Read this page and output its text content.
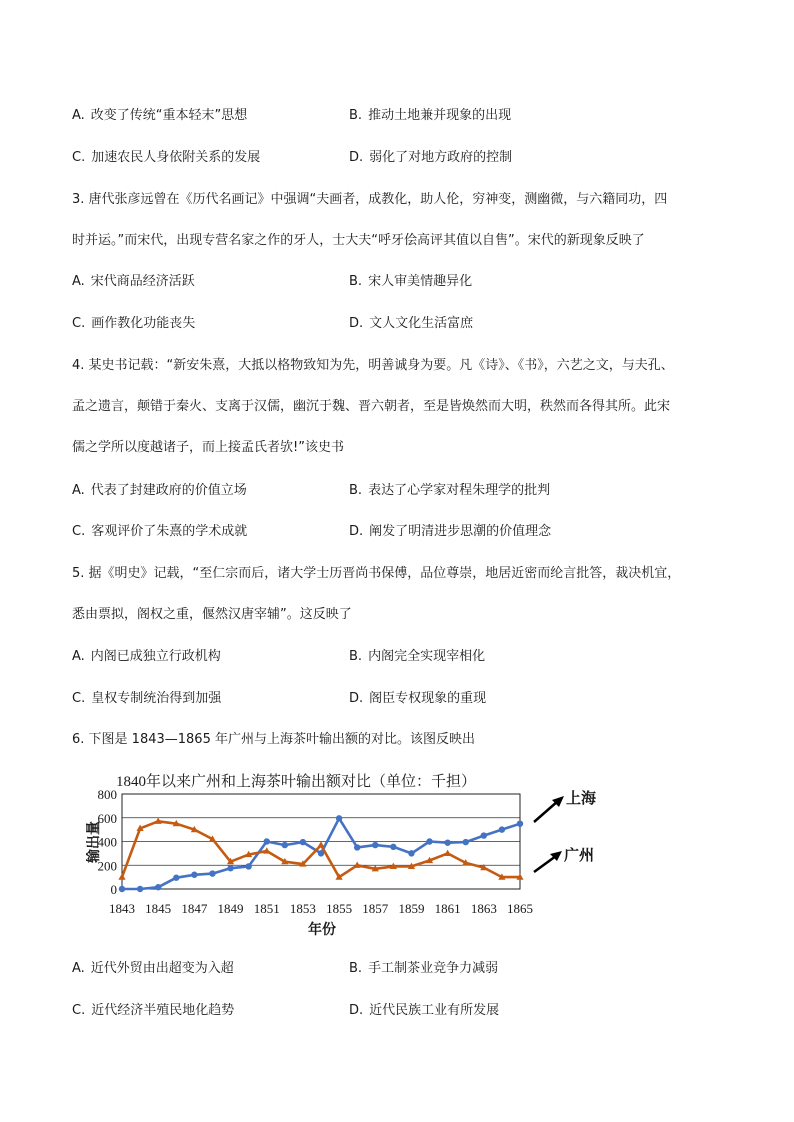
A. 改变了传统“重本轻末”思想	B. 推动土地兼并现象的出现
C. 加速农民人身依附关系的发展	D. 弱化了对地方政府的控制
3. 唐代张彦远曾在《历代名画记》中强调“夫画者，成教化，助人伦，穷神变，测幽微，与六籍同功，四
时并运。”而宋代，出现专营名家之作的牙人，士大夫“呼牙侩高评其值以自售”。宋代的新现象反映了
A. 宋代商品经济活跃	B. 宋人审美情趣异化
C. 画作教化功能丧失	D. 文人文化生活富庶
4. 某史书记载：“新安朱熹，大抵以格物致知为先，明善诚身为要。凡《诗》、《书》，六艺之文，与夫孔、
孟之遗言，颠错于秦火、支离于汉儒，幽沉于魏、晋六朝者，至是皆焕然而大明，秩然而各得其所。此宋
儒之学所以度越诸子，而上接孟氏者欤!”该史书
A. 代表了封建政府的价值立场	B. 表达了心学家对程朱理学的批判
C. 客观评价了朱熹的学术成就	D. 阐发了明清进步思潮的价值理念
5. 据《明史》记载，“至仁宗而后，诸大学士历晋尚书保傅，品位尊崇，地居近密而纶言批答，裁决机宜，
悉由票拟，阁权之重，偃然汉唐宰辅”。这反映了
A. 内阁已成独立行政机构	B. 内阁完全实现宰相化
C. 皇权专制统治得到加强	D. 阁臣专权现象的重现
6. 下图是 1843—1865 年广州与上海茶叶输出额的对比。该图反映出
1840年以来广州和上海茶叶输出额对比（单位：千担）
0
200
400
600
800
1843 1845 1847 1849 1851 1853 1855 1857 1859 1861 1863 1865
输出量
年份
上海
广州
A. 近代外贸由出超变为入超	B. 手工制茶业竞争力减弱
C. 近代经济半殖民地化趋势	D. 近代民族工业有所发展
